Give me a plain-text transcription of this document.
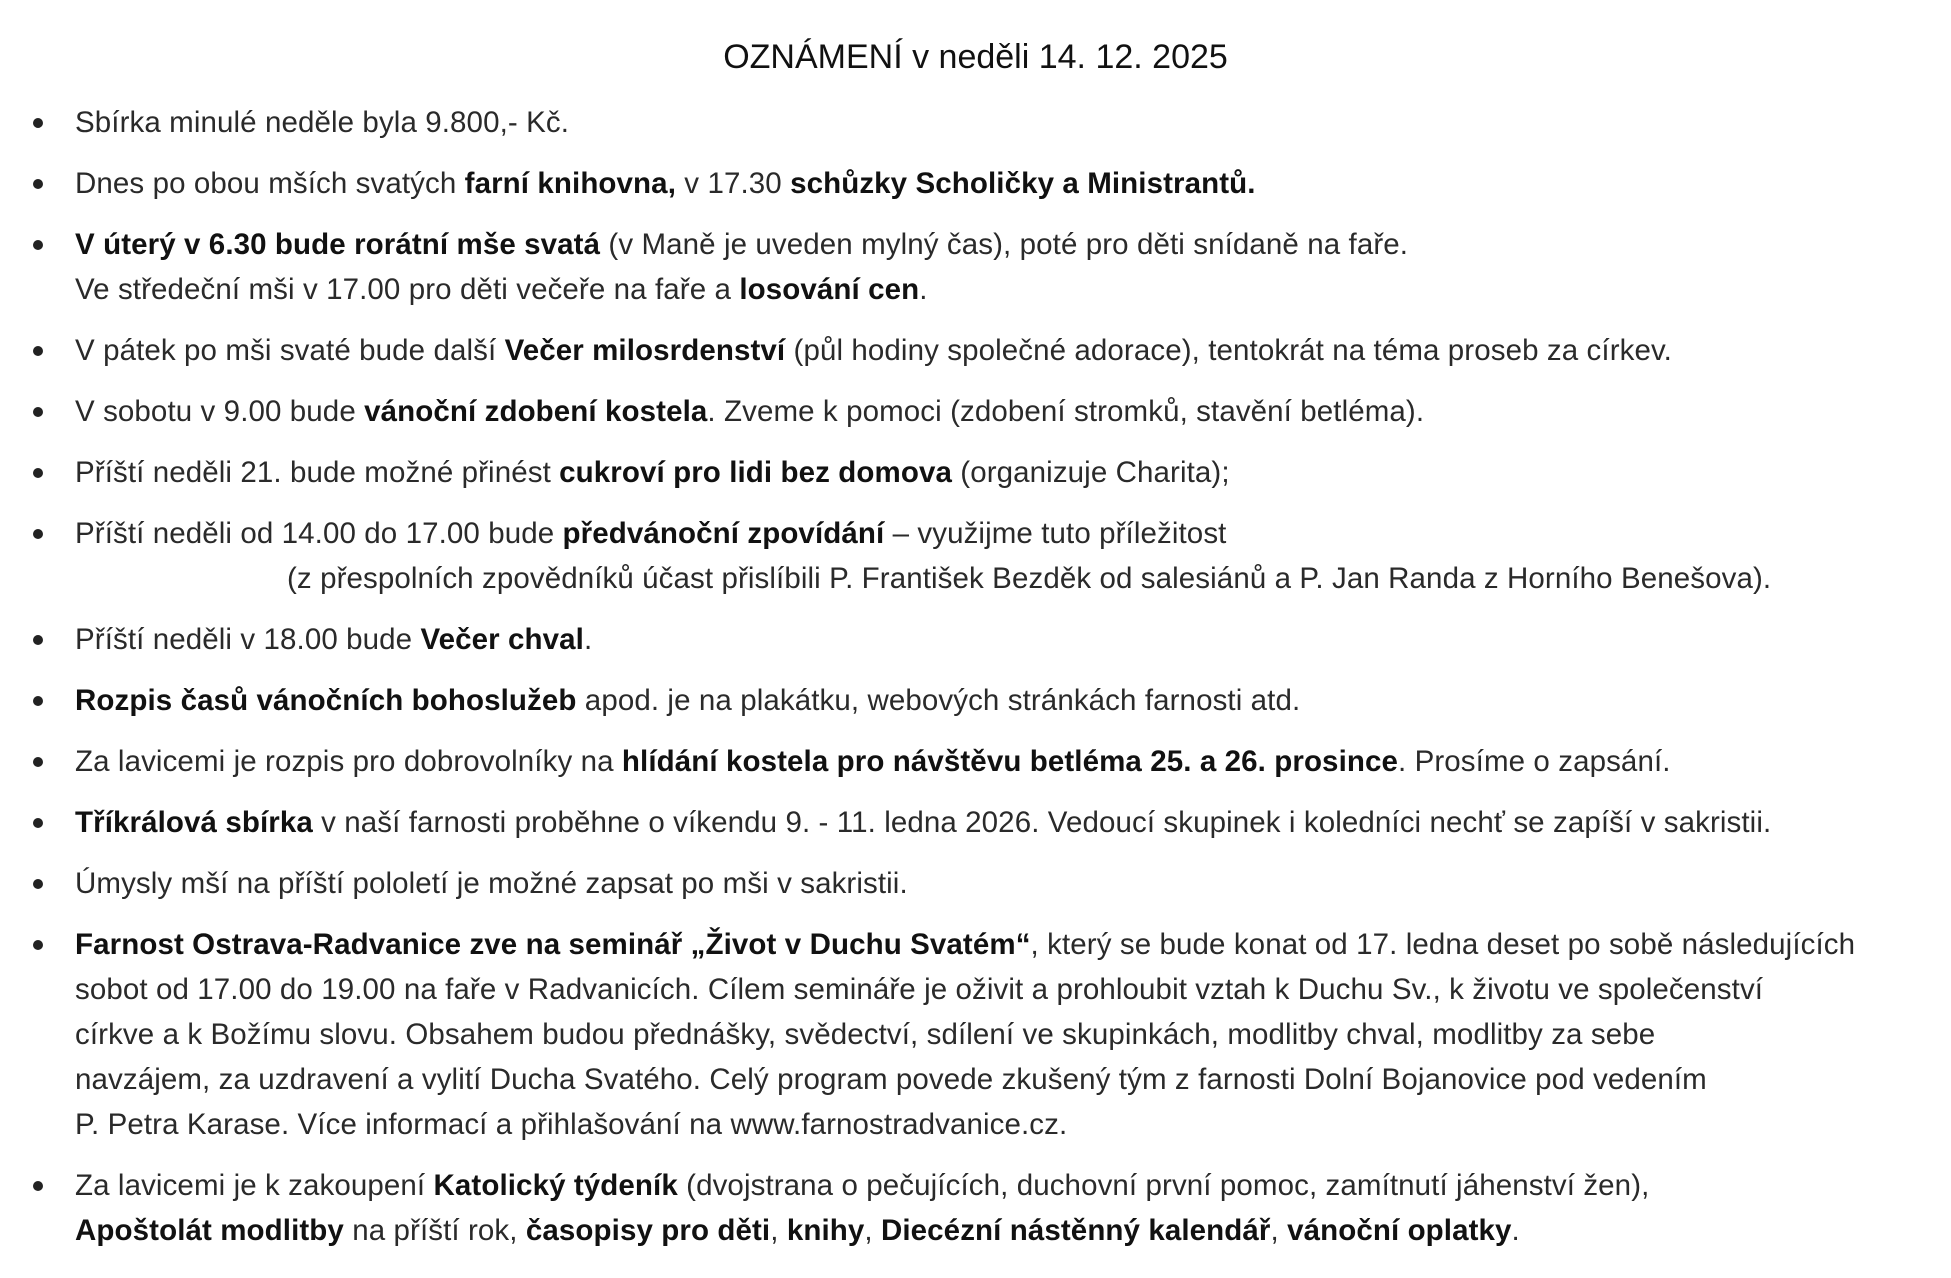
OZNÁMENÍ v neděli 14. 12. 2025
Sbírka minulé neděle byla 9.800,- Kč.
Dnes po obou mších svatých farní knihovna, v 17.30 schůzky Scholičky a Ministrantů.
V úterý v 6.30 bude rorátní mše svatá (v Maně je uveden mylný čas), poté pro děti snídaně na faře.
Ve středeční mši v 17.00 pro děti večeře na faře a losování cen.
V pátek po mši svaté bude další Večer milosrdenství (půl hodiny společné adorace), tentokrát na téma proseb za církev.
V sobotu v 9.00 bude vánoční zdobení kostela. Zveme k pomoci (zdobení stromků, stavění betléma).
Příští neděli 21. bude možné přinést cukroví pro lidi bez domova (organizuje Charita);
Příští neděli od 14.00 do 17.00 bude předvánoční zpovídání – využijme tuto příležitost
(z přespolních zpovědníků účast přislíbili P. František Bezděk od salesiánů a P. Jan Randa z Horního Benešova).
Příští neděli v 18.00 bude Večer chval.
Rozpis časů vánočních bohoslužeb apod. je na plakátku, webových stránkách farnosti atd.
Za lavicemi je rozpis pro dobrovolníky na hlídání kostela pro návštěvu betléma 25. a 26. prosince. Prosíme o zapsání.
Tříkrálová sbírka v naší farnosti proběhne o víkendu 9. - 11. ledna 2026. Vedoucí skupinek i koledníci nechť se zapíší v sakristii.
Úmysly mší na příští pololetí je možné zapsat po mši v sakristii.
Farnost Ostrava-Radvanice zve na seminář „Život v Duchu Svatém“, který se bude konat od 17. ledna deset po sobě následujících
sobot od 17.00 do 19.00 na faře v Radvanicích. Cílem semináře je oživit a prohloubit vztah k Duchu Sv., k životu ve společenství
církve a k Božímu slovu. Obsahem budou přednášky, svědectví, sdílení ve skupinkách, modlitby chval, modlitby za sebe
navzájem, za uzdravení a vylití Ducha Svatého. Celý program povede zkušený tým z farnosti Dolní Bojanovice pod vedením
P. Petra Karase. Více informací a přihlašování na www.farnostradvanice.cz.
Za lavicemi je k zakoupení Katolický týdeník (dvojstrana o pečujících, duchovní první pomoc, zamítnutí jáhenství žen),
Apoštolát modlitby na příští rok, časopisy pro děti, knihy, Diecézní nástěnný kalendář, vánoční oplatky.
